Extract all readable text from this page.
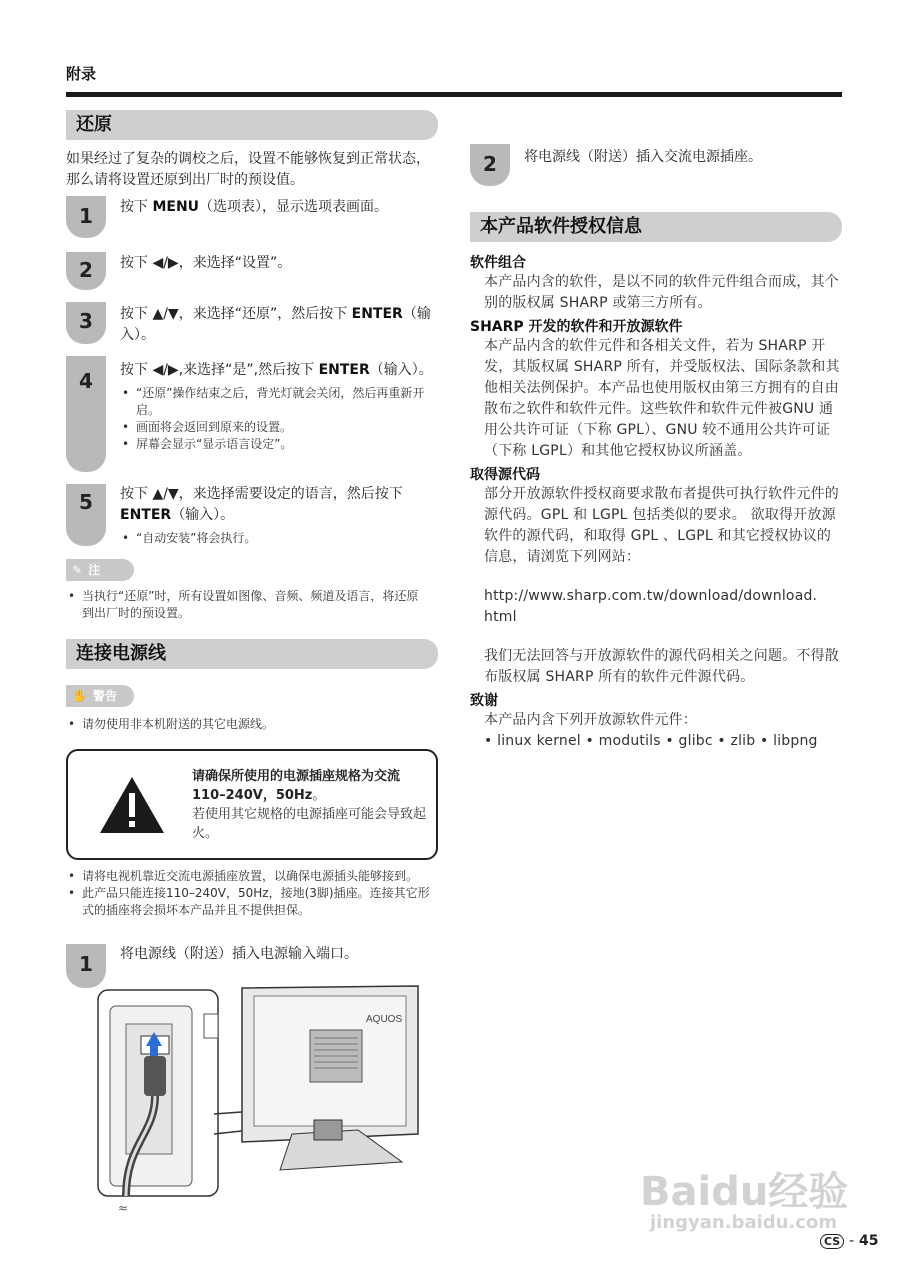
附录
还原
如果经过了复杂的调校之后，设置不能够恢复到正常状态，那么请将设置还原到出厂时的预设值。
1	按下 MENU（选项表），显示选项表画面。
2	按下 ◀/▶，来选择“设置”。
3	按下 ▲/▼，来选择“还原”，然后按下 ENTER（输入）。
4	按下 ◀/▶,来选择“是”,然后按下 ENTER（输入）。
• “还原”操作结束之后，背光灯就会关闭，然后再重新开启。
• 画面将会返回到原来的设置。
• 屏幕会显示“显示语言设定”。
5	按下 ▲/▼，来选择需要设定的语言，然后按下 ENTER（输入）。
• “自动安装”将会执行。
✎ 注
• 当执行“还原”时，所有设置如图像、音频、频道及语言，将还原到出厂时的预设置。
连接电源线
✋ 警告
• 请勿使用非本机附送的其它电源线。
请确保所使用的电源插座规格为交流
110–240V，50Hz。
若使用其它规格的电源插座可能会导致起火。
• 请将电视机靠近交流电源插座放置，以确保电源插头能够接到。
• 此产品只能连接110–240V，50Hz，接地(3脚)插座。连接其它形式的插座将会损坏本产品并且不提供担保。
1	将电源线（附送）插入电源输入端口。
≈
AQUOS
2	将电源线（附送）插入交流电源插座。
本产品软件授权信息
软件组合
本产品内含的软件，是以不同的软件元件组合而成，其个别的版权属 SHARP 或第三方所有。
SHARP 开发的软件和开放源软件
本产品内含的软件元件和各相关文件，若为 SHARP 开发，其版权属 SHARP 所有，并受版权法、国际条款和其他相关法例保护。本产品也使用版权由第三方拥有的自由散布之软件和软件元件。这些软件和软件元件被GNU 通用公共许可证（下称 GPL）、GNU 较不通用公共许可证 （下称 LGPL）和其他它授权协议所涵盖。
取得源代码
部分开放源软件授权商要求散布者提供可执行软件元件的源代码。GPL 和 LGPL 包括类似的要求。 欲取得开放源软件的源代码，和取得 GPL 、LGPL 和其它授权协议的信息，请浏览下列网站：
http://www.sharp.com.tw/download/download.
html
我们无法回答与开放源软件的源代码相关之问题。不得散布版权属 SHARP 所有的软件元件源代码。
致谢
本产品内含下列开放源软件元件：
• linux kernel • modutils • glibc • zlib • libpng
Baidu经验
jingyan.baidu.com
CS - 45
